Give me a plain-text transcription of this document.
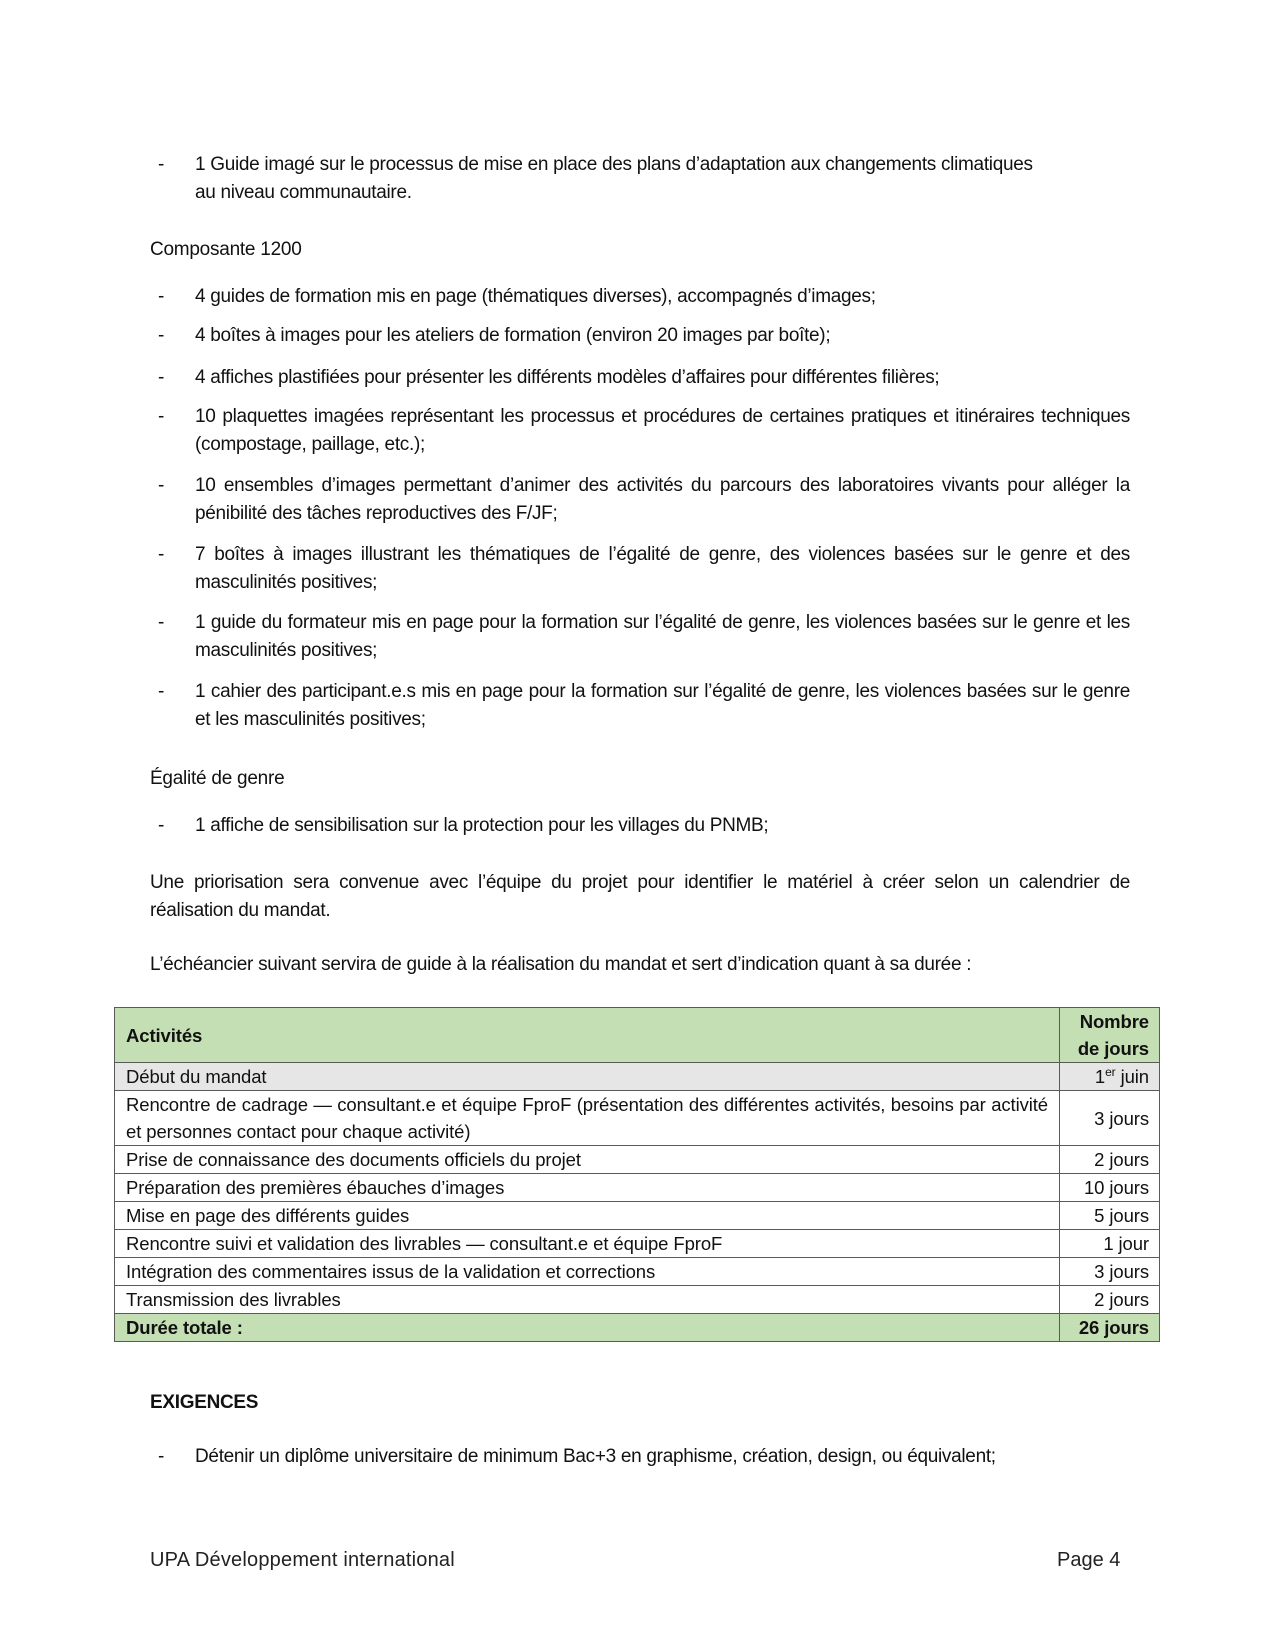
- 1 Guide imagé sur le processus de mise en place des plans d’adaptation aux changements climatiques
au niveau communautaire.
Composante 1200
- 4 guides de formation mis en page (thématiques diverses), accompagnés d’images;
- 4 boîtes à images pour les ateliers de formation (environ 20 images par boîte);
- 4 affiches plastifiées pour présenter les différents modèles d’affaires pour différentes filières;
- 10 plaquettes imagées représentant les processus et procédures de certaines pratiques et itinéraires techniques (compostage, paillage, etc.);
- 10 ensembles d’images permettant d’animer des activités du parcours des laboratoires vivants pour alléger la pénibilité des tâches reproductives des F/JF;
- 7 boîtes à images illustrant les thématiques de l’égalité de genre, des violences basées sur le genre et des masculinités positives;
- 1 guide du formateur mis en page pour la formation sur l’égalité de genre, les violences basées sur le genre et les masculinités positives;
- 1 cahier des participant.e.s mis en page pour la formation sur l’égalité de genre, les violences basées sur le genre et les masculinités positives;
Égalité de genre
- 1 affiche de sensibilisation sur la protection pour les villages du PNMB;
Une priorisation sera convenue avec l’équipe du projet pour identifier le matériel à créer selon un calendrier de réalisation du mandat.
L’échéancier suivant servira de guide à la réalisation du mandat et sert d’indication quant à sa durée :
Activités	Nombre
de jours
Début du mandat	1er juin
Rencontre de cadrage — consultant.e et équipe FproF (présentation des différentes activités, besoins par activité et personnes contact pour chaque activité)	3 jours
Prise de connaissance des documents officiels du projet	2 jours
Préparation des premières ébauches d’images	10 jours
Mise en page des différents guides	5 jours
Rencontre suivi et validation des livrables — consultant.e et équipe FproF	1 jour
Intégration des commentaires issus de la validation et corrections	3 jours
Transmission des livrables	2 jours
Durée totale :	26 jours
EXIGENCES
- Détenir un diplôme universitaire de minimum Bac+3 en graphisme, création, design, ou équivalent;
UPA Développement international	Page 4
